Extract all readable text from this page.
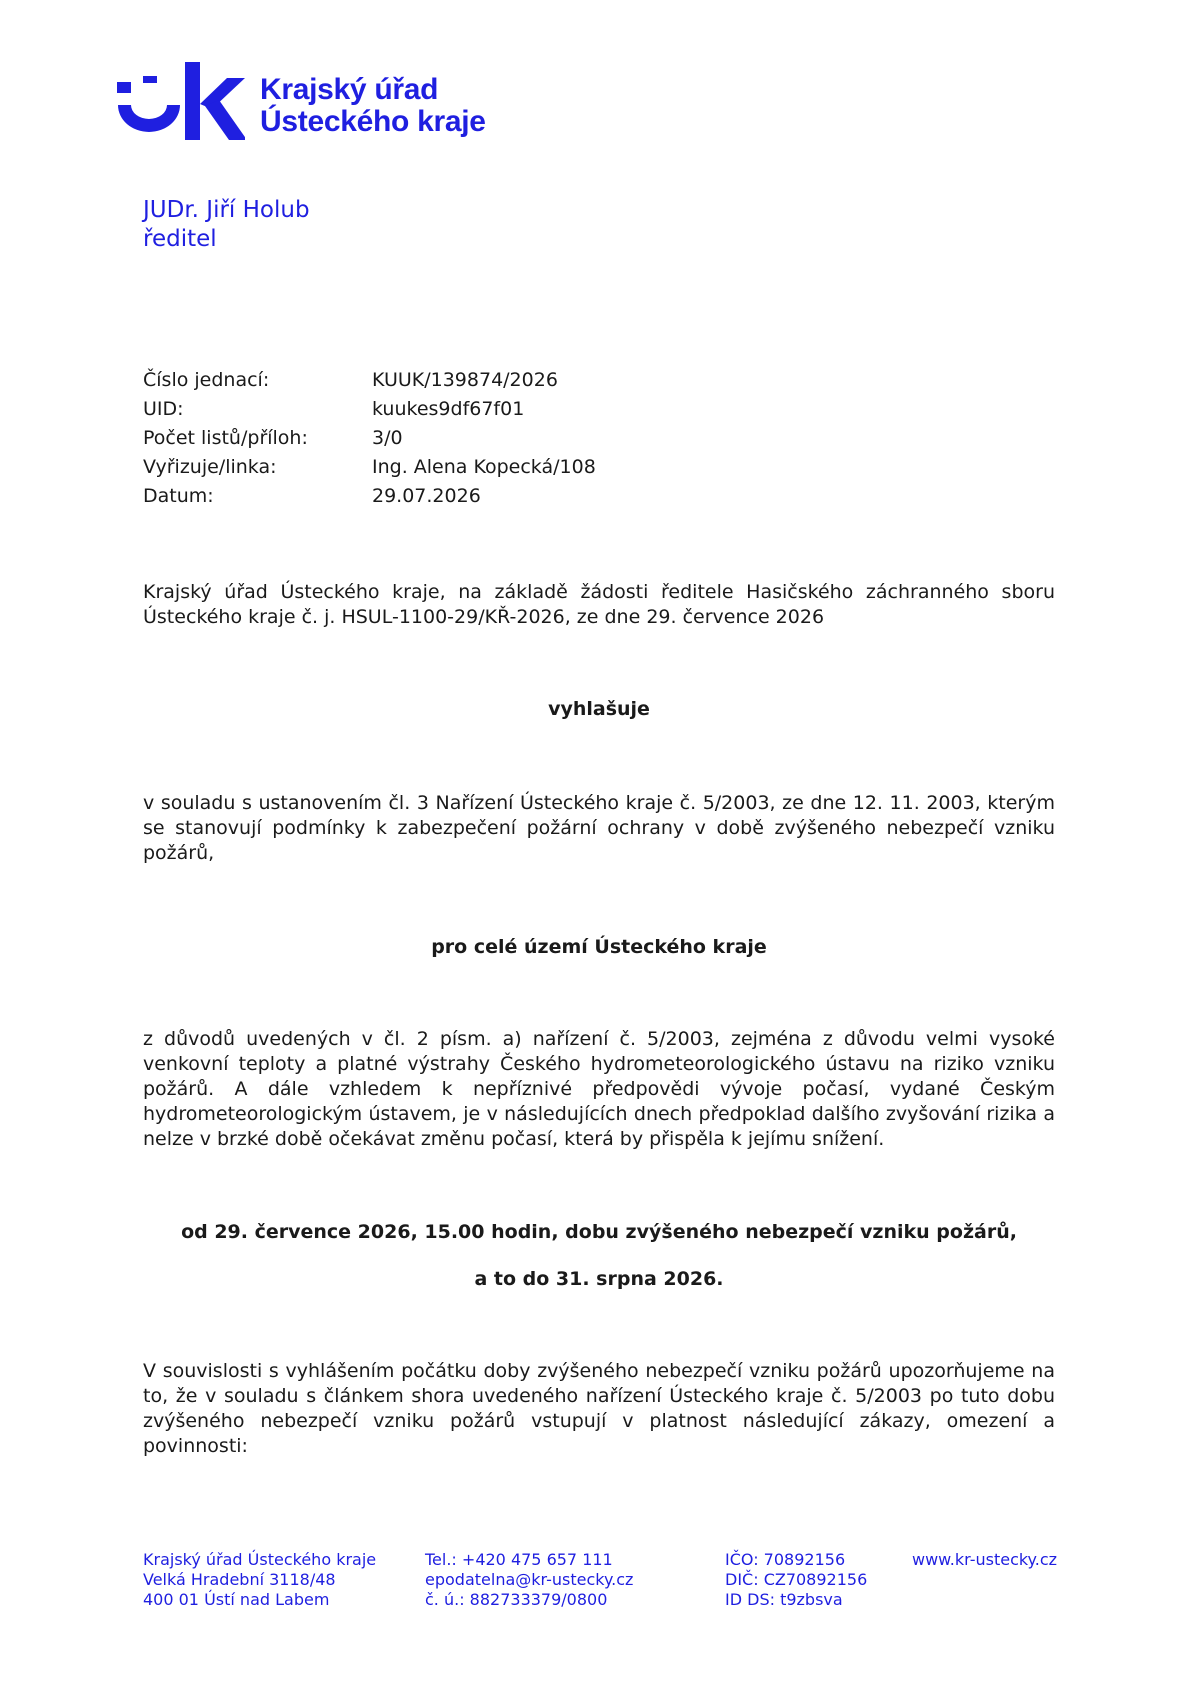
Krajský úřad
Ústeckého kraje
JUDr. Jiří Holub
ředitel
Číslo jednací:	KUUK/139874/2026
UID:	kuukes9df67f01
Počet listů/příloh:	3/0
Vyřizuje/linka:	Ing. Alena Kopecká/108
Datum:	29.07.2026
Krajský úřad Ústeckého kraje, na základě žádosti ředitele Hasičského záchranného sboru Ústeckého kraje č. j. HSUL-1100-29/KŘ-2026, ze dne 29. července 2026
vyhlašuje
v souladu s ustanovením čl. 3 Nařízení Ústeckého kraje č. 5/2003, ze dne 12. 11. 2003, kterým se stanovují podmínky k zabezpečení požární ochrany v době zvýšeného nebezpečí vzniku požárů,
pro celé území Ústeckého kraje
z důvodů uvedených v čl. 2 písm. a) nařízení č. 5/2003, zejména z důvodu velmi vysoké venkovní teploty a platné výstrahy Českého hydrometeorologického ústavu na riziko vzniku požárů. A dále vzhledem k nepříznivé předpovědi vývoje počasí, vydané Českým hydrometeorologickým ústavem, je v následujících dnech předpoklad dalšího zvyšování rizika a nelze v brzké době očekávat změnu počasí, která by přispěla k jejímu snížení.
od 29. července 2026, 15.00 hodin, dobu zvýšeného nebezpečí vzniku požárů,
a to do 31. srpna 2026.
V souvislosti s vyhlášením počátku doby zvýšeného nebezpečí vzniku požárů upozorňujeme na to, že v souladu s článkem shora uvedeného nařízení Ústeckého kraje č. 5/2003 po tuto dobu zvýšeného nebezpečí vzniku požárů vstupují v platnost následující zákazy, omezení a povinnosti:
Krajský úřad Ústeckého kraje
Velká Hradební 3118/48
400 01 Ústí nad Labem
Tel.: +420 475 657 111
epodatelna@kr-ustecky.cz
č. ú.: 882733379/0800
IČO: 70892156
DIČ: CZ70892156
ID DS: t9zbsva
www.kr-ustecky.cz
